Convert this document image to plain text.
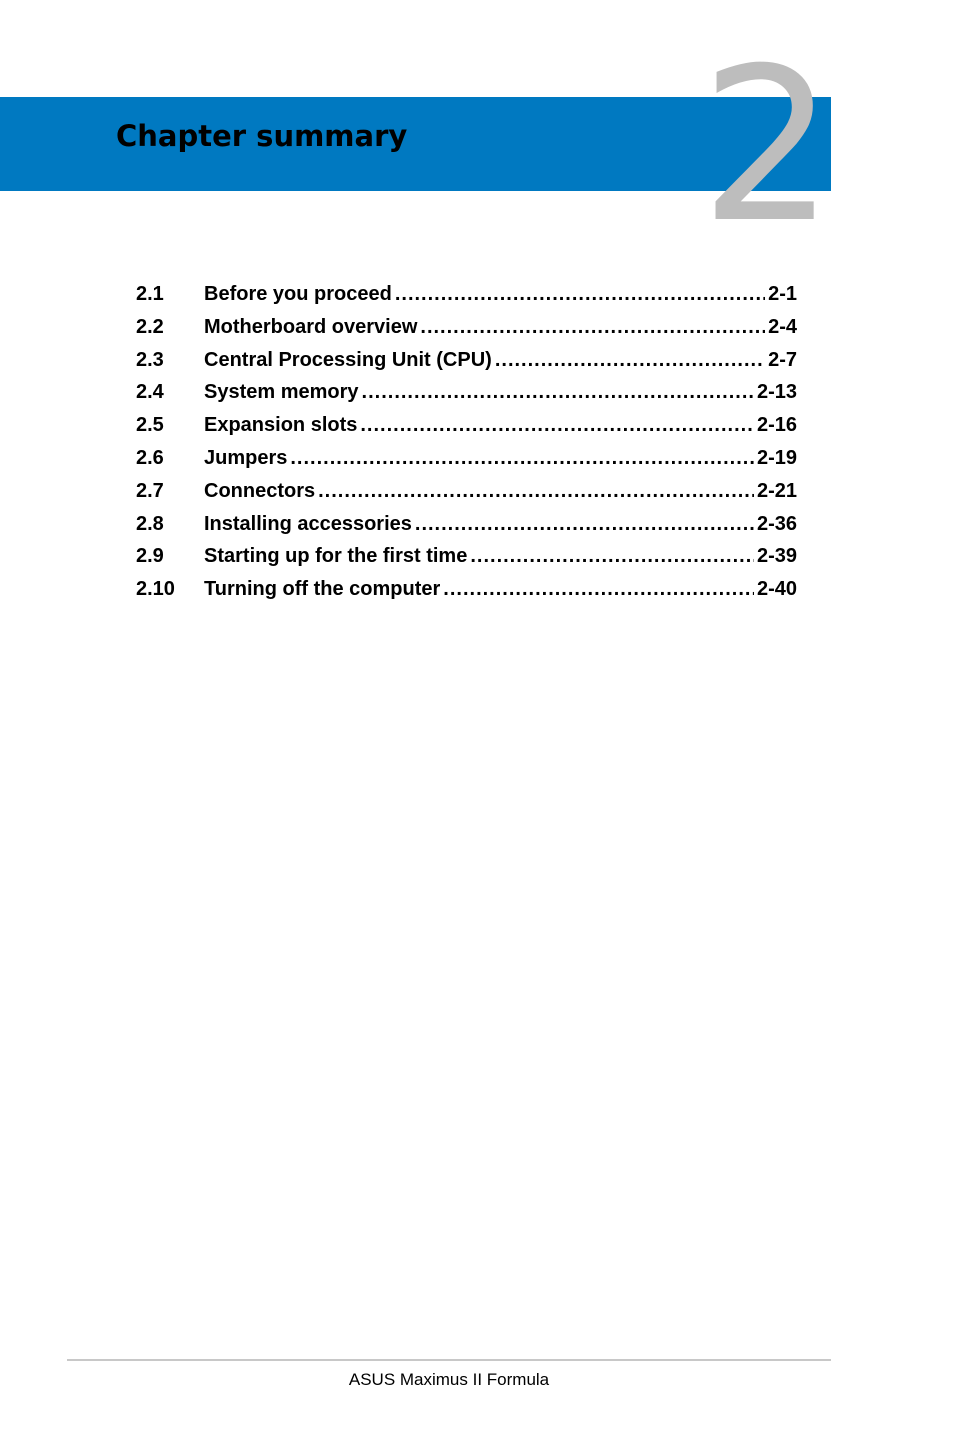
2
Chapter summary
2.1	Before you proceed .....	2-1
2.2	Motherboard overview .....	2-4
2.3	Central Processing Unit (CPU) .....	2-7
2.4	System memory .....	2-13
2.5	Expansion slots .....	2-16
2.6	Jumpers .....	2-19
2.7	Connectors .....	2-21
2.8	Installing accessories .....	2-36
2.9	Starting up for the first time .....	2-39
2.10	Turning off the computer .....	2-40
ASUS Maximus II Formula
